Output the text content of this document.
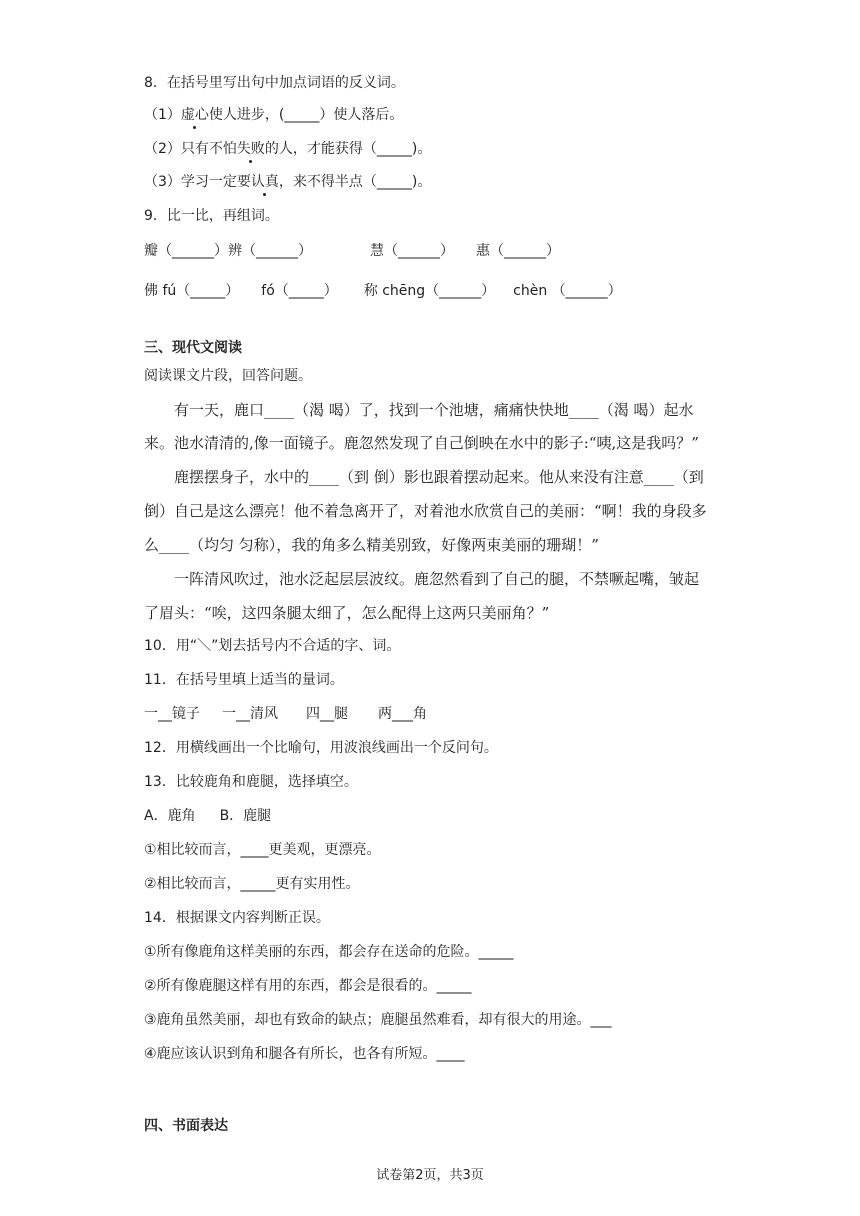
8．在括号里写出句中加点词语的反义词。
（1）虚心使人进步，(_____）使人落后。
（2）只有不怕失败的人，才能获得（_____)。
（3）学习一定要认真，来不得半点（_____)。
9．比一比，再组词。
瓣（______）辨（______）	慧（______） 惠（______）
佛 fú（_____） fó（_____） 称 chēng（______） chèn （______）
三、现代文阅读
阅读课文片段，回答问题。
有一天，鹿口____（渴 喝）了，找到一个池塘，痛痛快快地____（渴 喝）起水
来。池水清清的,像一面镜子。鹿忽然发现了自己倒映在水中的影子:“咦,这是我吗？”
鹿摆摆身子，水中的____（到 倒）影也跟着摆动起来。他从来没有注意____（到
倒）自己是这么漂亮！他不着急离开了，对着池水欣赏自己的美丽：“啊！我的身段多
么____（均匀 匀称），我的角多么精美别致，好像两束美丽的珊瑚！”
一阵清风吹过，池水泛起层层波纹。鹿忽然看到了自己的腿，不禁噘起嘴，皱起
了眉头：“唉，这四条腿太细了，怎么配得上这两只美丽角？”
10．用“＼”划去括号内不合适的字、词。
11．在括号里填上适当的量词。
一__镜子 一__清风 四__腿 两___角
12．用横线画出一个比喻句，用波浪线画出一个反问句。
13．比较鹿角和鹿腿，选择填空。
A．鹿角 B．鹿腿
①相比较而言，____更美观，更漂亮。
②相比较而言，_____更有实用性。
14．根据课文内容判断正误。
①所有像鹿角这样美丽的东西，都会存在送命的危险。_____
②所有像鹿腿这样有用的东西，都会是很看的。_____
③鹿角虽然美丽，却也有致命的缺点；鹿腿虽然难看，却有很大的用途。___
④鹿应该认识到角和腿各有所长，也各有所短。____
四、书面表达
试卷第2页，共3页
